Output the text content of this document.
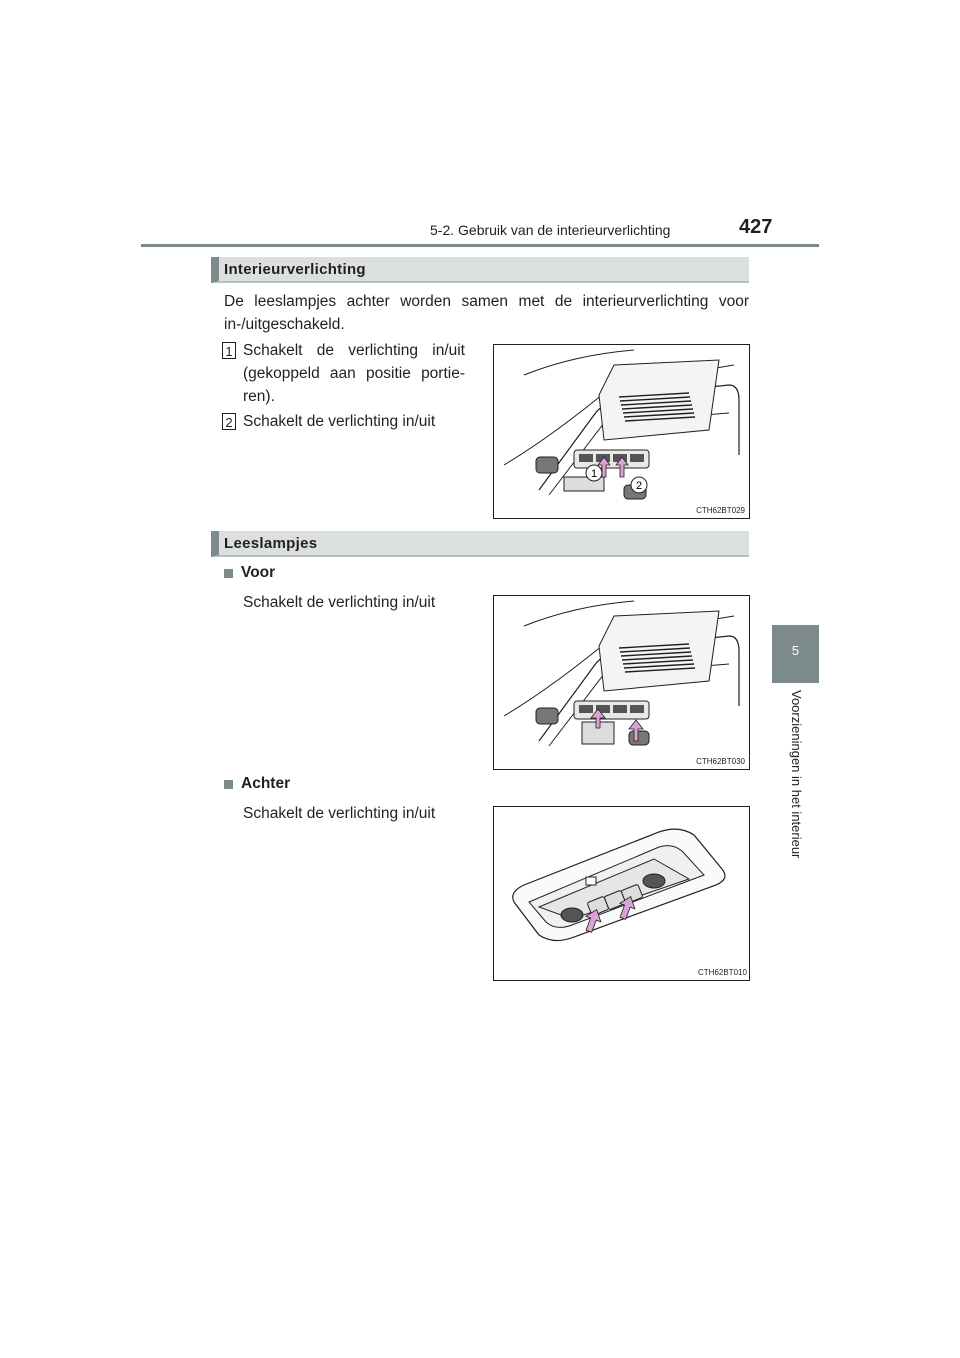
5-2. Gebruik van de interieurverlichting	427
5
Voorzieningen in het interieur
Interieurverlichting
De leeslampjes achter worden samen met de interieurverlichting voor in-/uitgeschakeld.
1 Schakelt de verlichting in/uit (gekoppeld aan positie portie-ren).
2 Schakelt de verlichting in/uit
1
2
CTH62BT029
Leeslampjes
Voor
Schakelt de verlichting in/uit
CTH62BT030
Achter
Schakelt de verlichting in/uit
CTH62BT010
